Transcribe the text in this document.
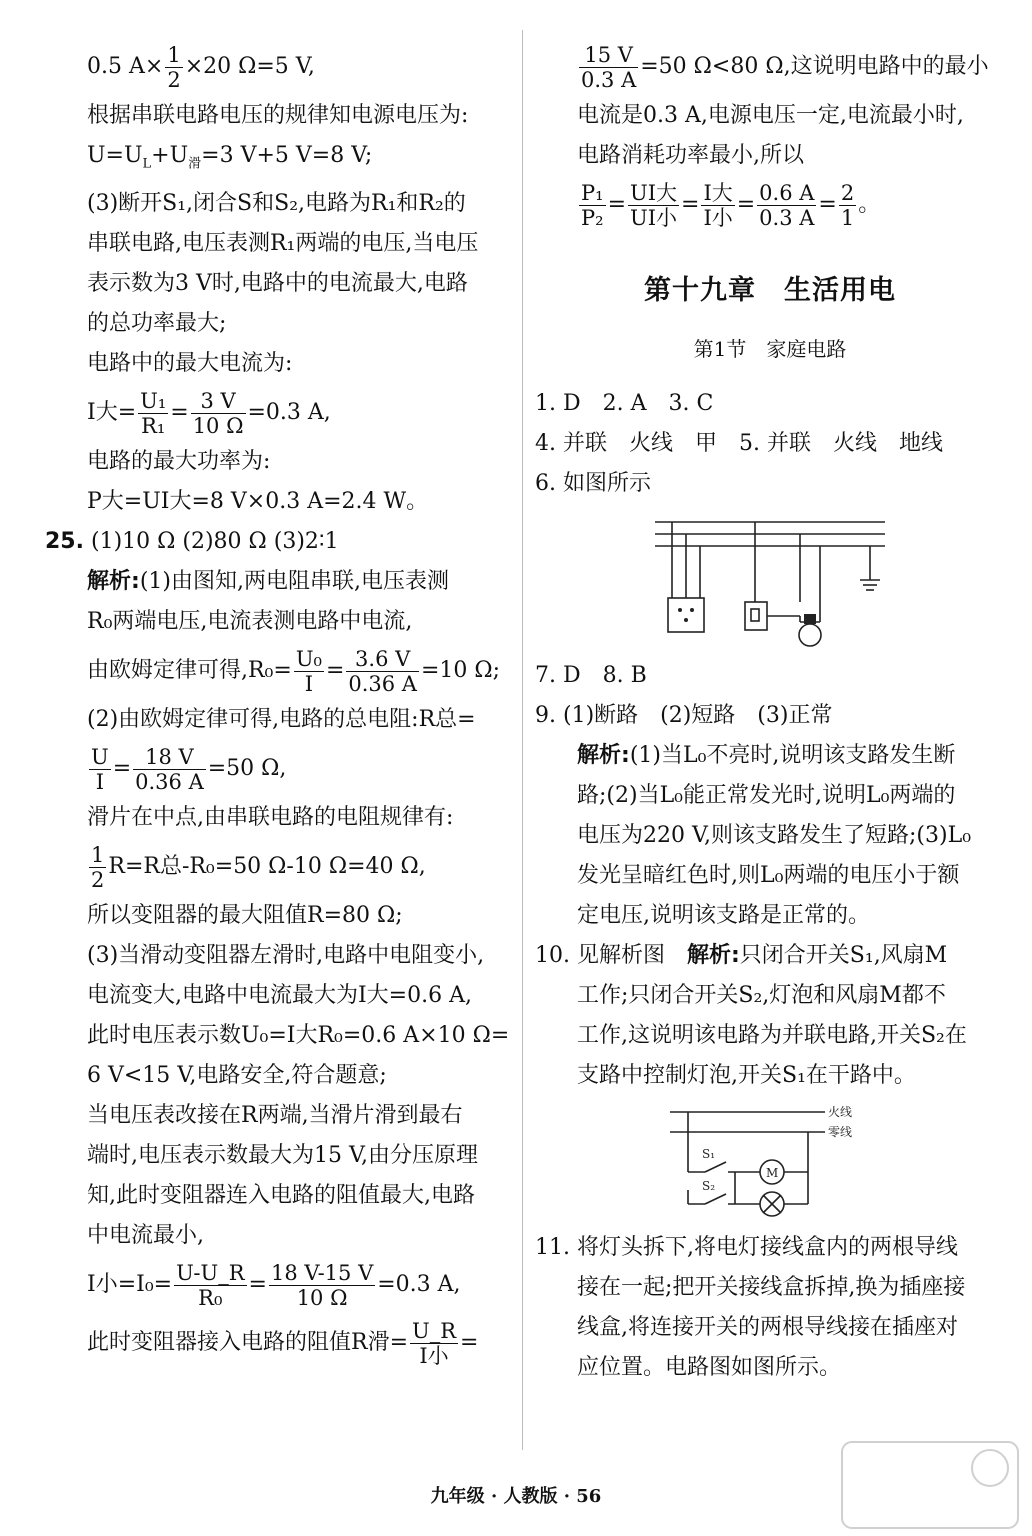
0.5 $A\times \frac{1}{2} \times 20$ Ω=5 V,

根据串联电路电压的规律知电源电压为:

$U=U_L+U_滑=3$ V+5 V=8 V;

(3)断开S₁,闭合S和S₂,电路为R₁和R₂的

串联电路,电压表测R₁两端的电压,当电压

表示数为3 V时,电路中的电流最大,电路

的总功率最大;

电路中的最大电流为:

I大= $\frac{\text{U₁}}{\text{R₁}} = \frac{3 V}{10 \Omega} =0.3$ A,

电路的最大功率为:

P大=UI大=8 V×0.3 A=2.4 W。

25. (1)10 Ω (2)80 Ω (3)2∶1

解析:(1)由图知,两电阻串联,电压表测

R₀两端电压,电流表测电路中电流,

由欧姆定律可得$,R_0= \frac{\text{U₀}}{I} = \frac{3.6 V}{0.36 A} =10$ Ω;

(2)由欧姆定律可得,电路的总电阻:R总=

$\frac{U}{I} = \frac{18 V}{0.36 A} =50$ Ω,

滑片在中点,由串联电路的电阻规律有:

$\frac{1}{2} R=R$总-R₀=50 Ω-10 Ω=40 Ω,

所以变阻器的最大阻值R=80 Ω;

(3)当滑动变阻器左滑时,电路中电阻变小,

电流变大,电路中电流最大为I大=0.6 A,

此时电压表示数U₀=I大R₀=0.6 A×10 Ω=

6 V<15 V,电路安全,符合题意;

当电压表改接在R两端,当滑片滑到最右

端时,电压表示数最大为15 V,由分压原理

知,此时变阻器连入电路的阻值最大,电路

中电流最小,

I小$=I_0= \frac{U-U\_R}{\text{R₀}} = \frac{18 V-15 V}{10 \Omega} =0.3$ A,

此时变阻器接入电路的阻值R滑= $\frac{U\_R}{\text{I小}}$ =

$\frac{15 V}{0.3 A} =50$ Ω<80 Ω,这说明电路中的最小

电流是0.3 A,电源电压一定,电流最小时,

电路消耗功率最小,所以

$\frac{\text{P₁}}{\text{P₂}} = \frac{\text{UI大}}{\text{UI小}} = \frac{\text{I大}}{\text{I小}} = \frac{0.6 A}{0.3 A} = \frac{2}{1}$ 。

第十九章　生活用电
第1节　家庭电路

1. D　2. A　3. C

4. 并联　火线　甲　5. 并联　火线　地线

6. 如图所示

7. D　8. B

9. (1)断路　(2)短路　(3)正常

解析:(1)当L₀不亮时,说明该支路发生断

路;(2)当L₀能正常发光时,说明L₀两端的

电压为220 V,则该支路发生了短路;(3)L₀

发光呈暗红色时,则L₀两端的电压小于额

定电压,说明该支路是正常的。

10. 见解析图　解析:只闭合开关S₁,风扇M

工作;只闭合开关S₂,灯泡和风扇M都不

工作,这说明该电路为并联电路,开关S₂在

支路中控制灯泡,开关S₁在干路中。

火线
零线
S₁
S₂
M

11. 将灯头拆下,将电灯接线盒内的两根导线

接在一起;把开关接线盒拆掉,换为插座接

线盒,将连接开关的两根导线接在插座对

应位置。电路图如图所示。

九年级 · 人教版 · 56
